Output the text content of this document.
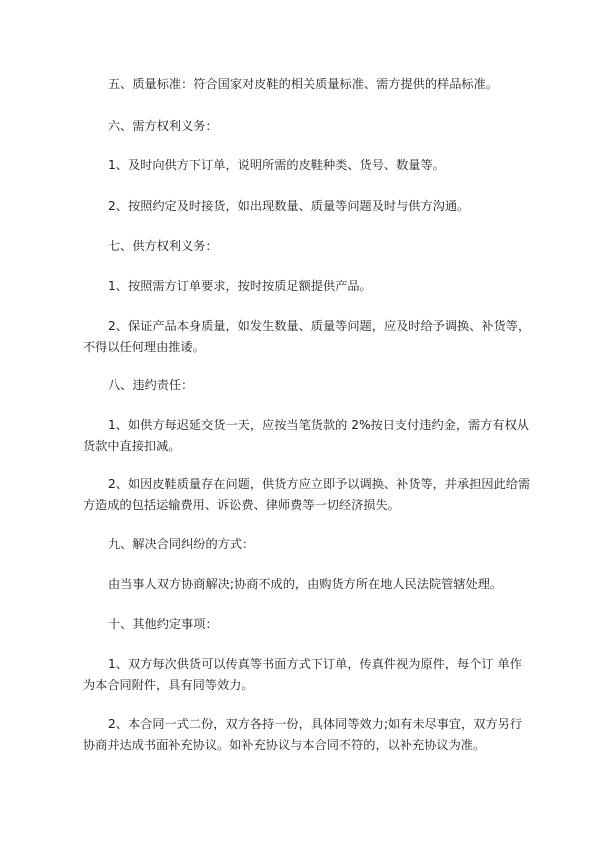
五、质量标准：符合国家对皮鞋的相关质量标准、需方提供的样品标准。
六、需方权利义务：
1、及时向供方下订单，说明所需的皮鞋种类、货号、数量等。
2、按照约定及时接货，如出现数量、质量等问题及时与供方沟通。
七、供方权利义务：
1、按照需方订单要求，按时按质足额提供产品。
2、保证产品本身质量，如发生数量、质量等问题，应及时给予调换、补货等，
不得以任何理由推诿。
八、违约责任：
1、如供方每迟延交货一天，应按当笔货款的 2%按日支付违约金，需方有权从
货款中直接扣减。
2、如因皮鞋质量存在问题，供货方应立即予以调换、补货等，并承担因此给需
方造成的包括运输费用、诉讼费、律师费等一切经济损失。
九、解决合同纠纷的方式：
由当事人双方协商解决;协商不成的，由购货方所在地人民法院管辖处理。
十、其他约定事项：
1、双方每次供货可以传真等书面方式下订单，传真件视为原件，每个订 单作
为本合同附件，具有同等效力。
2、本合同一式二份，双方各持一份，具体同等效力;如有未尽事宜，双方另行
协商并达成书面补充协议。如补充协议与本合同不符的，以补充协议为准。
